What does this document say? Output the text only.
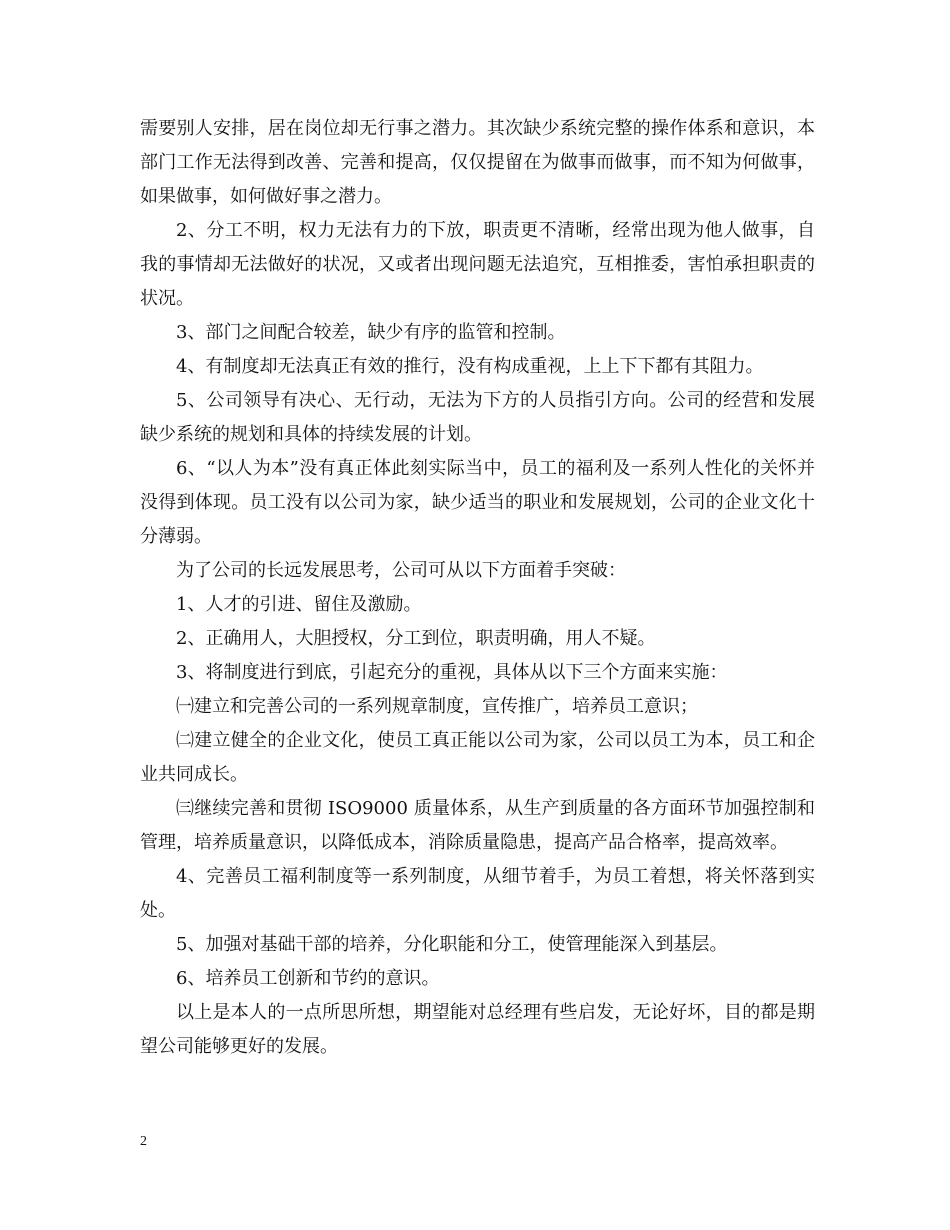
需要别人安排，居在岗位却无行事之潜力。其次缺少系统完整的操作体系和意识，本部门工作无法得到改善、完善和提高，仅仅提留在为做事而做事，而不知为何做事，如果做事，如何做好事之潜力。

2、分工不明，权力无法有力的下放，职责更不清晰，经常出现为他人做事，自我的事情却无法做好的状况，又或者出现问题无法追究，互相推委，害怕承担职责的状况。

3、部门之间配合较差，缺少有序的监管和控制。

4、有制度却无法真正有效的推行，没有构成重视，上上下下都有其阻力。

5、公司领导有决心、无行动，无法为下方的人员指引方向。公司的经营和发展缺少系统的规划和具体的持续发展的计划。

6、“以人为本”没有真正体此刻实际当中，员工的福利及一系列人性化的关怀并没得到体现。员工没有以公司为家，缺少适当的职业和发展规划，公司的企业文化十分薄弱。

为了公司的长远发展思考，公司可从以下方面着手突破：

1、人才的引进、留住及激励。

2、正确用人，大胆授权，分工到位，职责明确，用人不疑。

3、将制度进行到底，引起充分的重视，具体从以下三个方面来实施：

㈠建立和完善公司的一系列规章制度，宣传推广，培养员工意识；

㈡建立健全的企业文化，使员工真正能以公司为家，公司以员工为本，员工和企业共同成长。

㈢继续完善和贯彻 ISO9000 质量体系，从生产到质量的各方面环节加强控制和管理，培养质量意识，以降低成本，消除质量隐患，提高产品合格率，提高效率。

4、完善员工福利制度等一系列制度，从细节着手，为员工着想，将关怀落到实处。

5、加强对基础干部的培养，分化职能和分工，使管理能深入到基层。

6、培养员工创新和节约的意识。

以上是本人的一点所思所想，期望能对总经理有些启发，无论好坏，目的都是期望公司能够更好的发展。

2
